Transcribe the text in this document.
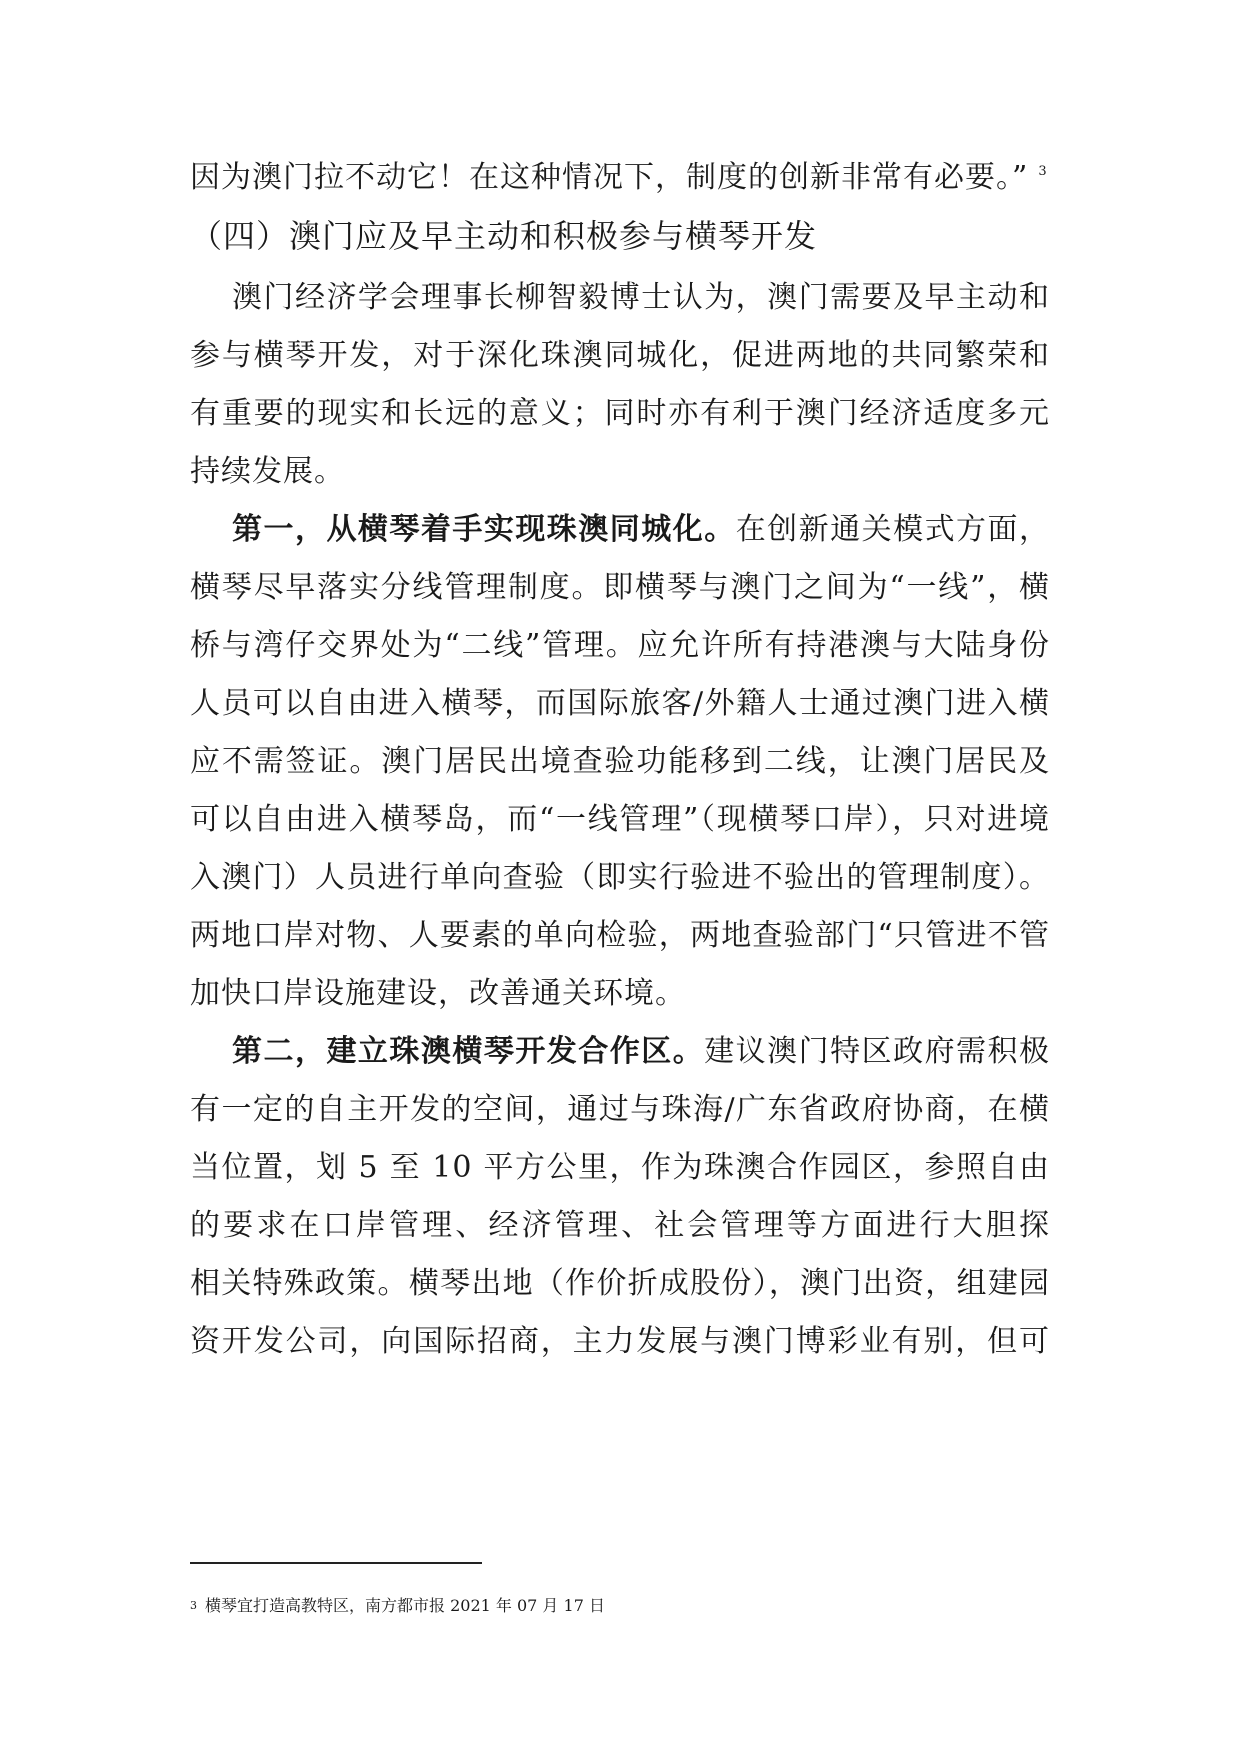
因为澳门拉不动它！在这种情况下，制度的创新非常有必要。” $^3$
（四）澳门应及早主动和积极参与横琴开发
澳门经济学会理事长柳智毅博士认为，澳门需要及早主动和
参与横琴开发，对于深化珠澳同城化，促进两地的共同繁荣和
有重要的现实和长远的意义；同时亦有利于澳门经济适度多元
持续发展。
第一，从横琴着手实现珠澳同城化。在创新通关模式方面，
横琴尽早落实分线管理制度。即横琴与澳门之间为“一线”，横
桥与湾仔交界处为“二线”管理。应允许所有持港澳与大陆身份
人员可以自由进入横琴，而国际旅客/外籍人士通过澳门进入横
应不需签证。澳门居民出境查验功能移到二线，让澳门居民及
可以自由进入横琴岛，而“一线管理”（现横琴口岸），只对进境
入澳门）人员进行单向查验（即实行验进不验出的管理制度）。
两地口岸对物、人要素的单向检验，两地查验部门“只管进不管
加快口岸设施建设，改善通关环境。
第二，建立珠澳横琴开发合作区。建议澳门特区政府需积极
有一定的自主开发的空间，通过与珠海/广东省政府协商，在横
当位置，划 5 至 10 平方公里，作为珠澳合作园区，参照自由
的要求在口岸管理、经济管理、社会管理等方面进行大胆探
相关特殊政策。横琴出地（作价折成股份），澳门出资，组建园
资开发公司，向国际招商，主力发展与澳门博彩业有别，但可
$^3$ 横琴宜打造高教特区，南方都市报 2021 年 07 月 17 日
